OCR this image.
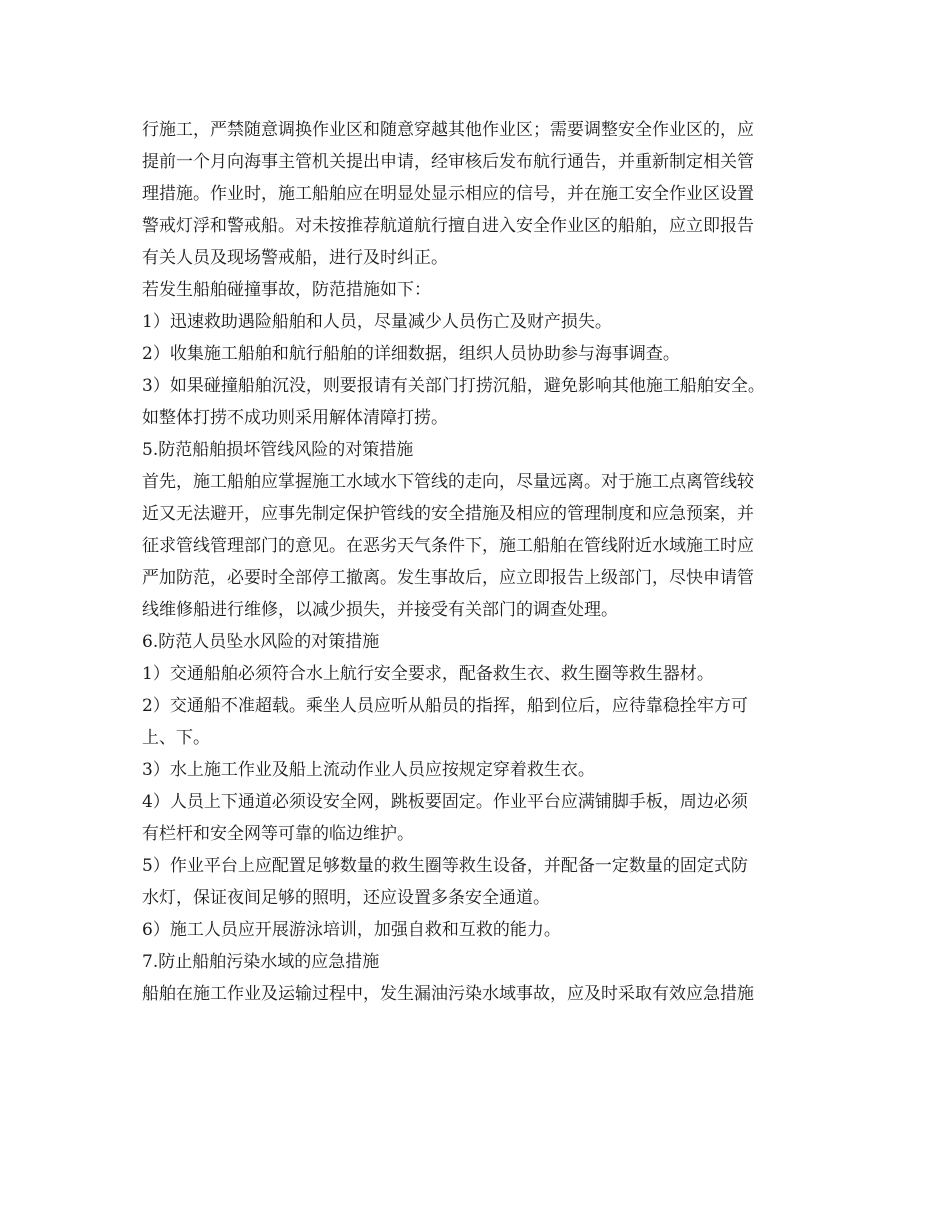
行施工，严禁随意调换作业区和随意穿越其他作业区；需要调整安全作业区的，应

提前一个月向海事主管机关提出申请，经审核后发布航行通告，并重新制定相关管

理措施。作业时，施工船舶应在明显处显示相应的信号，并在施工安全作业区设置

警戒灯浮和警戒船。对未按推荐航道航行擅自进入安全作业区的船舶，应立即报告

有关人员及现场警戒船，进行及时纠正。

若发生船舶碰撞事故，防范措施如下：

1）迅速救助遇险船舶和人员，尽量减少人员伤亡及财产损失。

2）收集施工船舶和航行船舶的详细数据，组织人员协助参与海事调查。

3）如果碰撞船舶沉没，则要报请有关部门打捞沉船，避免影响其他施工船舶安全。

如整体打捞不成功则采用解体清障打捞。

5.防范船舶损坏管线风险的对策措施

首先，施工船舶应掌握施工水域水下管线的走向，尽量远离。对于施工点离管线较

近又无法避开，应事先制定保护管线的安全措施及相应的管理制度和应急预案，并

征求管线管理部门的意见。在恶劣天气条件下，施工船舶在管线附近水域施工时应

严加防范，必要时全部停工撤离。发生事故后，应立即报告上级部门，尽快申请管

线维修船进行维修，以减少损失，并接受有关部门的调查处理。

6.防范人员坠水风险的对策措施

1）交通船舶必须符合水上航行安全要求，配备救生衣、救生圈等救生器材。

2）交通船不准超载。乘坐人员应听从船员的指挥，船到位后，应待靠稳拴牢方可

上、下。

3）水上施工作业及船上流动作业人员应按规定穿着救生衣。

4）人员上下通道必须设安全网，跳板要固定。作业平台应满铺脚手板，周边必须

有栏杆和安全网等可靠的临边维护。

5）作业平台上应配置足够数量的救生圈等救生设备，并配备一定数量的固定式防

水灯，保证夜间足够的照明，还应设置多条安全通道。

6）施工人员应开展游泳培训，加强自救和互救的能力。

7.防止船舶污染水域的应急措施

船舶在施工作业及运输过程中，发生漏油污染水域事故，应及时采取有效应急措施
